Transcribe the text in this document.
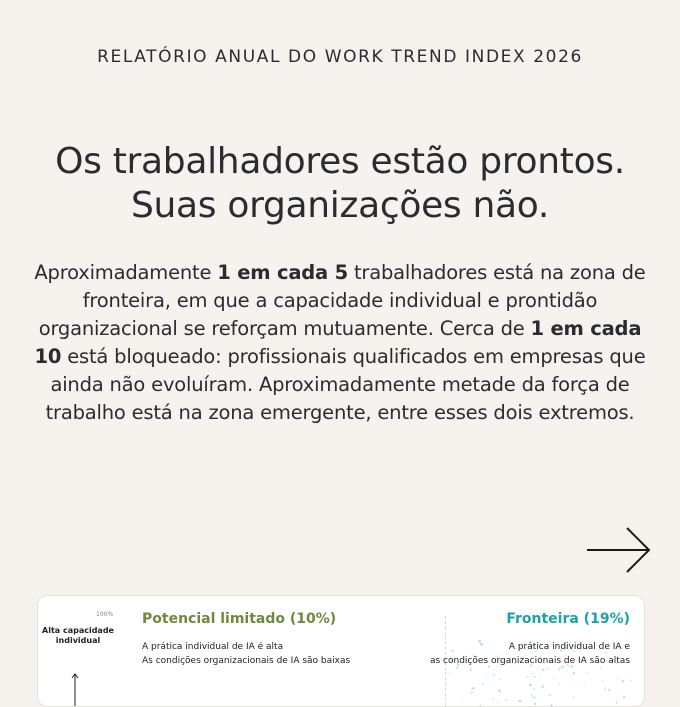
RELATÓRIO ANUAL DO WORK TREND INDEX 2026
Os trabalhadores estão prontos.
Suas organizações não.

Aproximadamente 1 em cada 5 trabalhadores está na zona de fronteira, em que a capacidade individual e prontidão organizacional se reforçam mutuamente. Cerca de 1 em cada 10 está bloqueado: profissionais qualificados em empresas que ainda não evoluíram. Aproximadamente metade da força de trabalho está na zona emergente, entre esses dois extremos.

100%
Alta capacidade
individual
Potencial limitado (10%)
A prática individual de IA é alta
As condições organizacionais de IA são baixas
Fronteira (19%)
A prática individual de IA e
as condições organizacionais de IA são altas
